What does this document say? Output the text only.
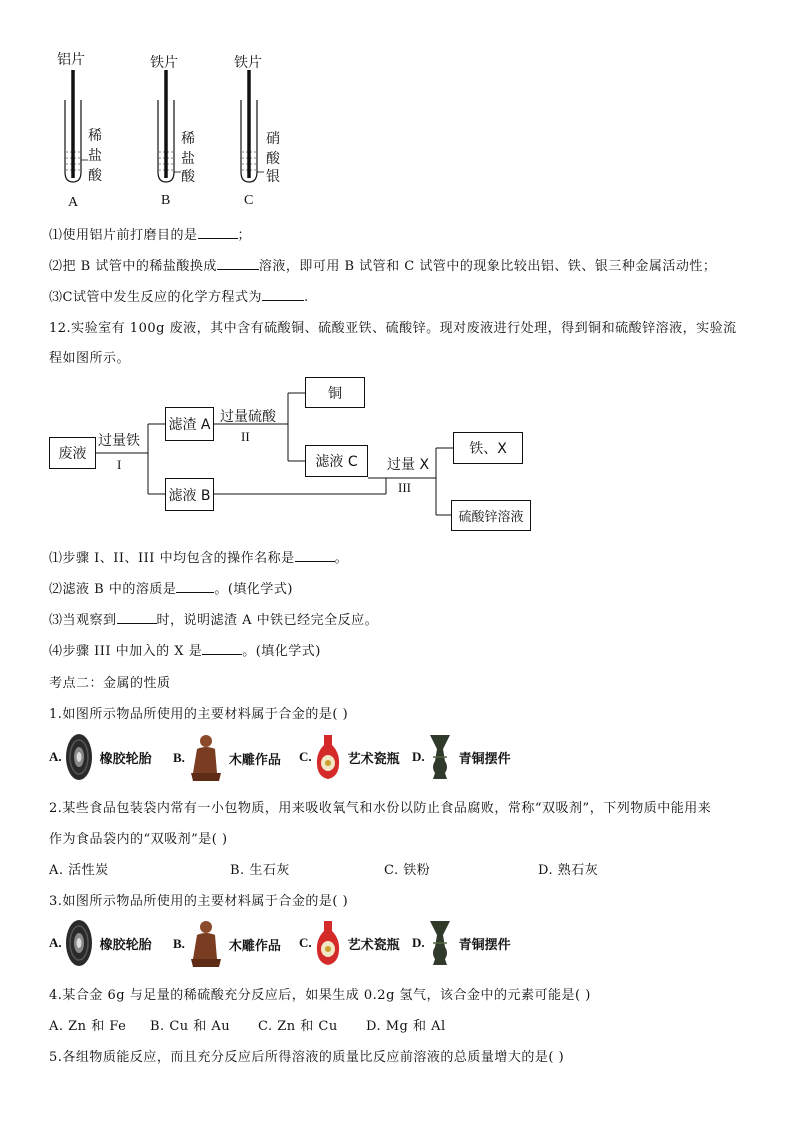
铝片	铁片	铁片
稀
盐
酸
稀
盐
酸
硝
酸
银
A	B	C
⑴使用铝片前打磨目的是	；
⑵把 B 试管中的稀盐酸换成	溶液，即可用 B 试管和 C 试管中的现象比较出铝、铁、银三种金属活动性；
⑶C试管中发生反应的化学方程式为	.
12.实验室有 100g 废液，其中含有硫酸铜、硫酸亚铁、硫酸锌。现对废液进行处理，得到铜和硫酸锌溶液，实验流
程如图所示。
废液
过量铁
I
滤渣 A 过量硫酸
II
铜
滤液 C	过量 X
III
铁、X
滤液 B
硫酸锌溶液
⑴步骤 I、II、III 中均包含的操作名称是	。
⑵滤液 B 中的溶质是	。(填化学式)
⑶当观察到	时，说明滤渣 A 中铁已经完全反应。
⑷步骤 III 中加入的 X 是	。(填化学式)
考点二：金属的性质
1.如图所示物品所使用的主要材料属于合金的是( )
A.	橡胶轮胎 B.	木雕作品 C.	艺术瓷瓶 D.	青铜摆件
2.某些食品包装袋内常有一小包物质，用来吸收氧气和水份以防止食品腐败，常称“双吸剂”，下列物质中能用来
作为食品袋内的“双吸剂”是( )
A. 活性炭	B. 生石灰	C. 铁粉	D. 熟石灰
3.如图所示物品所使用的主要材料属于合金的是( )
A.	橡胶轮胎 B.	木雕作品 C.	艺术瓷瓶 D.	青铜摆件
4.某合金 6g 与足量的稀硫酸充分反应后，如果生成 0.2g 氢气，该合金中的元素可能是( )
A. Zn 和 Fe B. Cu 和 Au C. Zn 和 Cu D. Mg 和 Al
5.各组物质能反应，而且充分反应后所得溶液的质量比反应前溶液的总质量增大的是( )
